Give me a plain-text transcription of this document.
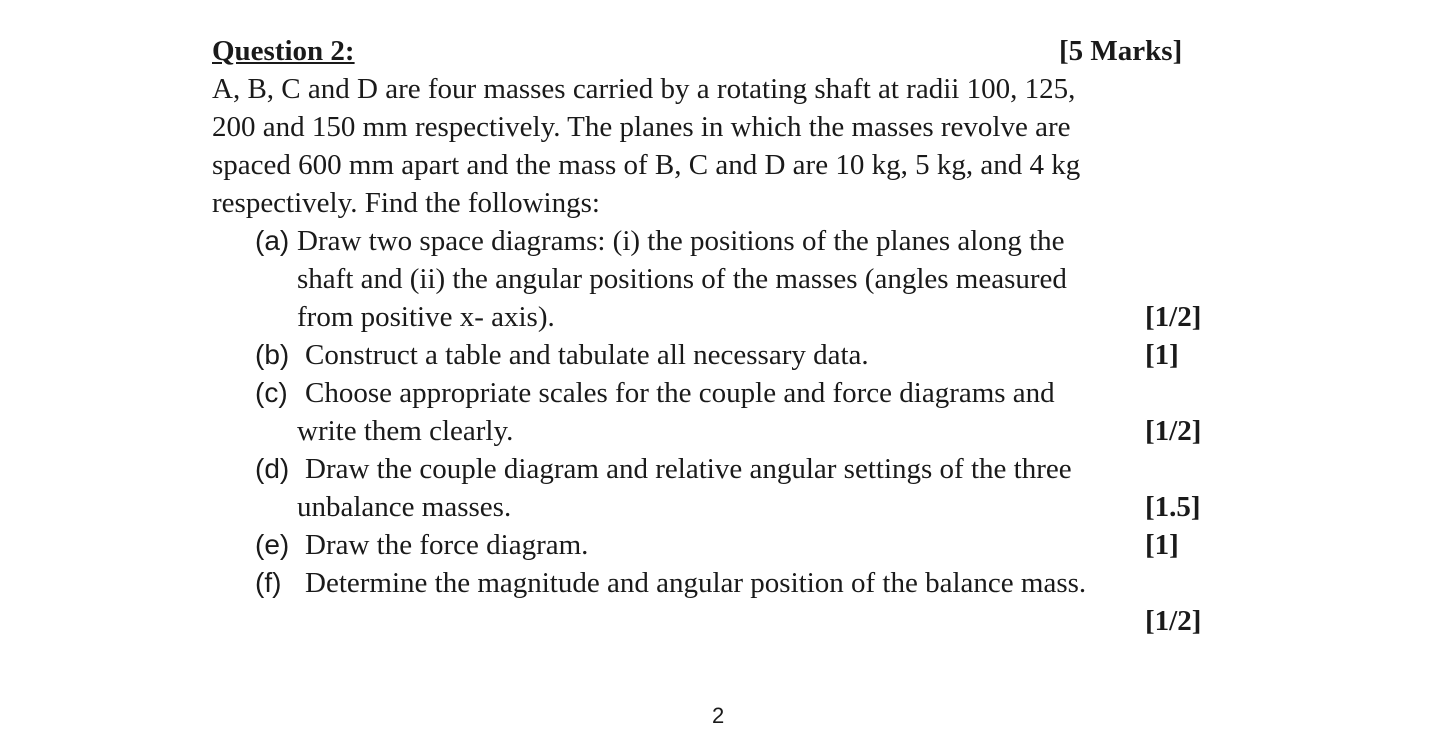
Question 2:	[5 Marks]
A, B, C and D are four masses carried by a rotating shaft at radii 100, 125,
200 and 150 mm respectively. The planes in which the masses revolve are
spaced 600 mm apart and the mass of B, C and D are 10 kg, 5 kg, and 4 kg
respectively. Find the followings:
(a) Draw two space diagrams: (i) the positions of the planes along the
shaft and (ii) the angular positions of the masses (angles measured
from positive x- axis).	[1/2]
(b) Construct a table and tabulate all necessary data.	[1]
(c) Choose appropriate scales for the couple and force diagrams and
write them clearly.	[1/2]
(d) Draw the couple diagram and relative angular settings of the three
unbalance masses.	[1.5]
(e) Draw the force diagram.	[1]
(f) Determine the magnitude and angular position of the balance mass.
[1/2]
2
